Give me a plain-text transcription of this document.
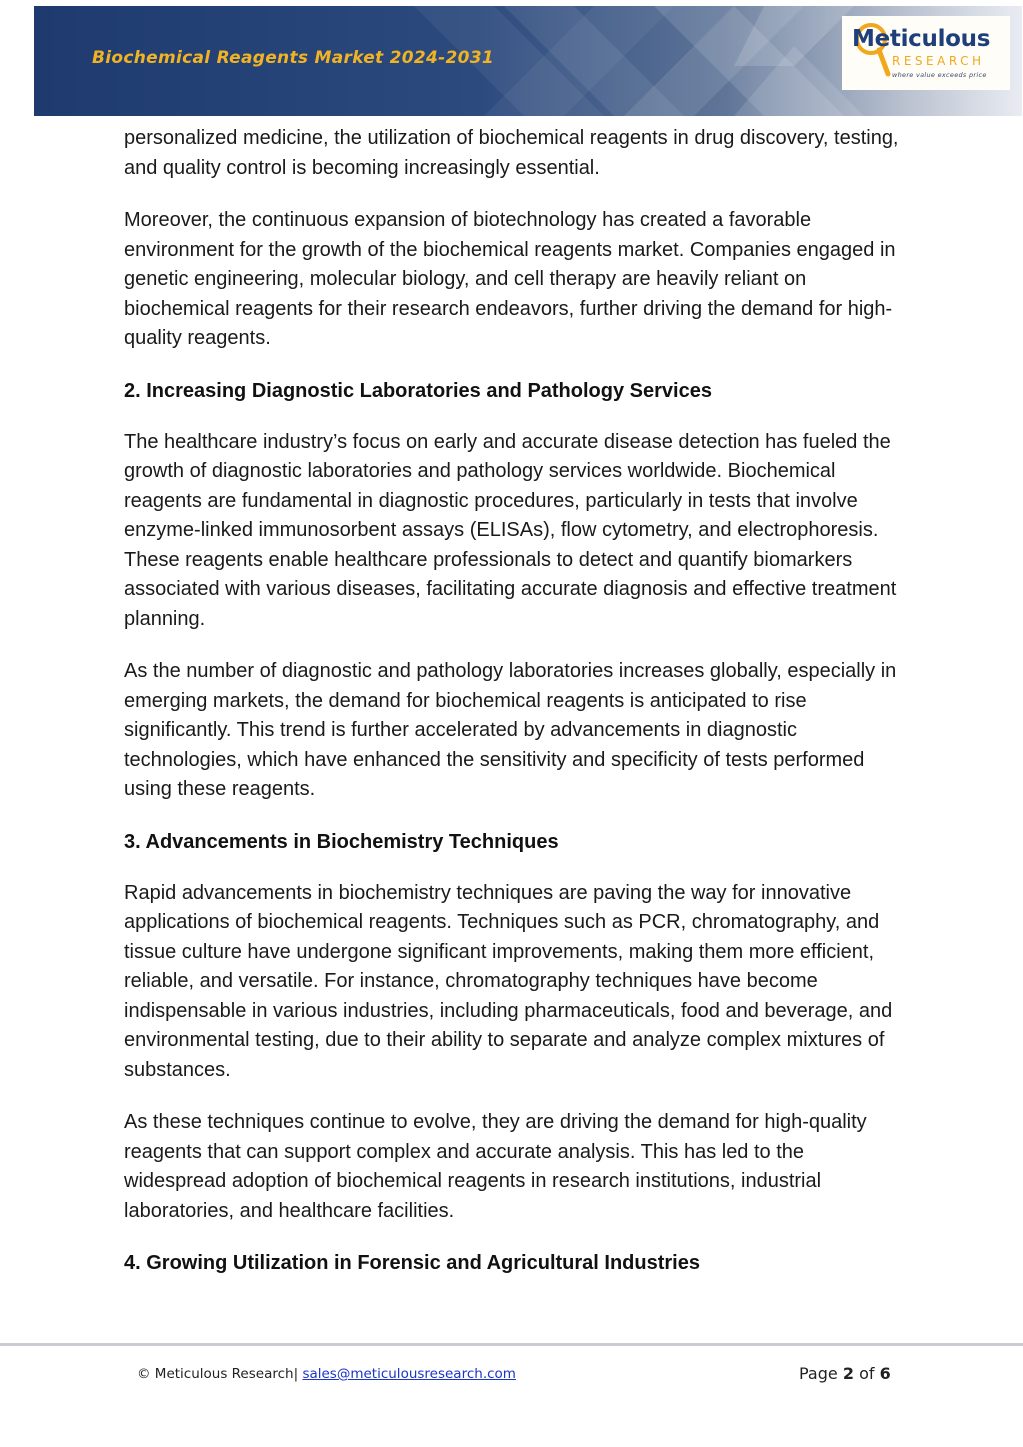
Biochemical Reagents Market 2024-2031
Meticulous
RESEARCH
where value exceeds price

personalized medicine, the utilization of biochemical reagents in drug discovery, testing, and quality control is becoming increasingly essential.

Moreover, the continuous expansion of biotechnology has created a favorable environment for the growth of the biochemical reagents market. Companies engaged in genetic engineering, molecular biology, and cell therapy are heavily reliant on biochemical reagents for their research endeavors, further driving the demand for high-quality reagents.

2. Increasing Diagnostic Laboratories and Pathology Services

The healthcare industry’s focus on early and accurate disease detection has fueled the growth of diagnostic laboratories and pathology services worldwide. Biochemical reagents are fundamental in diagnostic procedures, particularly in tests that involve enzyme-linked immunosorbent assays (ELISAs), flow cytometry, and electrophoresis. These reagents enable healthcare professionals to detect and quantify biomarkers associated with various diseases, facilitating accurate diagnosis and effective treatment planning.

As the number of diagnostic and pathology laboratories increases globally, especially in emerging markets, the demand for biochemical reagents is anticipated to rise significantly. This trend is further accelerated by advancements in diagnostic technologies, which have enhanced the sensitivity and specificity of tests performed using these reagents.

3. Advancements in Biochemistry Techniques

Rapid advancements in biochemistry techniques are paving the way for innovative applications of biochemical reagents. Techniques such as PCR, chromatography, and tissue culture have undergone significant improvements, making them more efficient, reliable, and versatile. For instance, chromatography techniques have become indispensable in various industries, including pharmaceuticals, food and beverage, and environmental testing, due to their ability to separate and analyze complex mixtures of substances.

As these techniques continue to evolve, they are driving the demand for high-quality reagents that can support complex and accurate analysis. This has led to the widespread adoption of biochemical reagents in research institutions, industrial laboratories, and healthcare facilities.

4. Growing Utilization in Forensic and Agricultural Industries
© Meticulous Research| sales@meticulousresearch.com	Page 2 of 6
